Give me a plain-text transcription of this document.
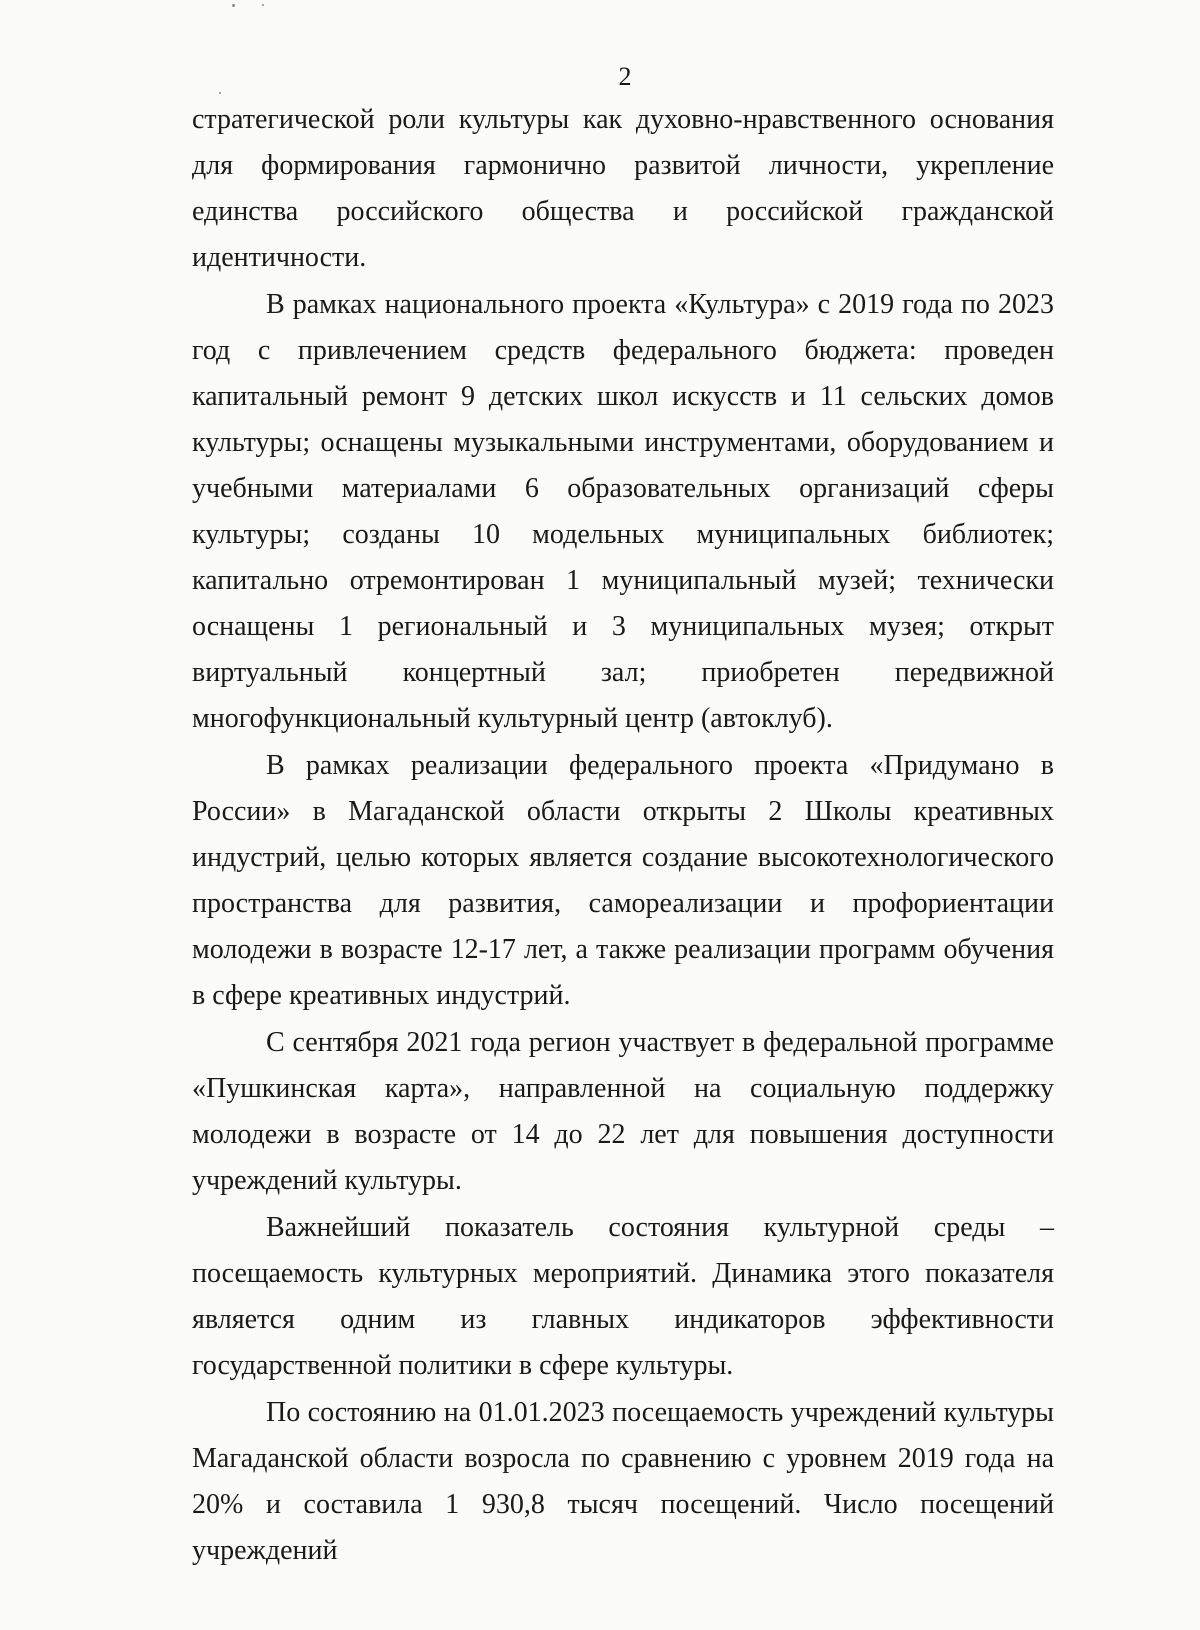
2

стратегической роли культуры как духовно-нравственного основания для формирования гармонично развитой личности, укрепление единства российского общества и российской гражданской идентичности.

В рамках национального проекта «Культура» с 2019 года по 2023 год с привлечением средств федерального бюджета: проведен капитальный ремонт 9 детских школ искусств и 11 сельских домов культуры; оснащены музыкальными инструментами, оборудованием и учебными материалами 6 образовательных организаций сферы культуры; созданы 10 модельных муниципальных библиотек; капитально отремонтирован 1 муниципальный музей; технически оснащены 1 региональный и 3 муниципальных музея; открыт виртуальный концертный зал; приобретен передвижной многофункциональный культурный центр (автоклуб).

В рамках реализации федерального проекта «Придумано в России» в Магаданской области открыты 2 Школы креативных индустрий, целью которых является создание высокотехнологического пространства для развития, самореализации и профориентации молодежи в возрасте 12-17 лет, а также реализации программ обучения в сфере креативных индустрий.

С сентября 2021 года регион участвует в федеральной программе «Пушкинская карта», направленной на социальную поддержку молодежи в возрасте от 14 до 22 лет для повышения доступности учреждений культуры.

Важнейший показатель состояния культурной среды – посещаемость культурных мероприятий. Динамика этого показателя является одним из главных индикаторов эффективности государственной политики в сфере культуры.

По состоянию на 01.01.2023 посещаемость учреждений культуры Магаданской области возросла по сравнению с уровнем 2019 года на 20% и составила 1 930,8 тысяч посещений. Число посещений учреждений
